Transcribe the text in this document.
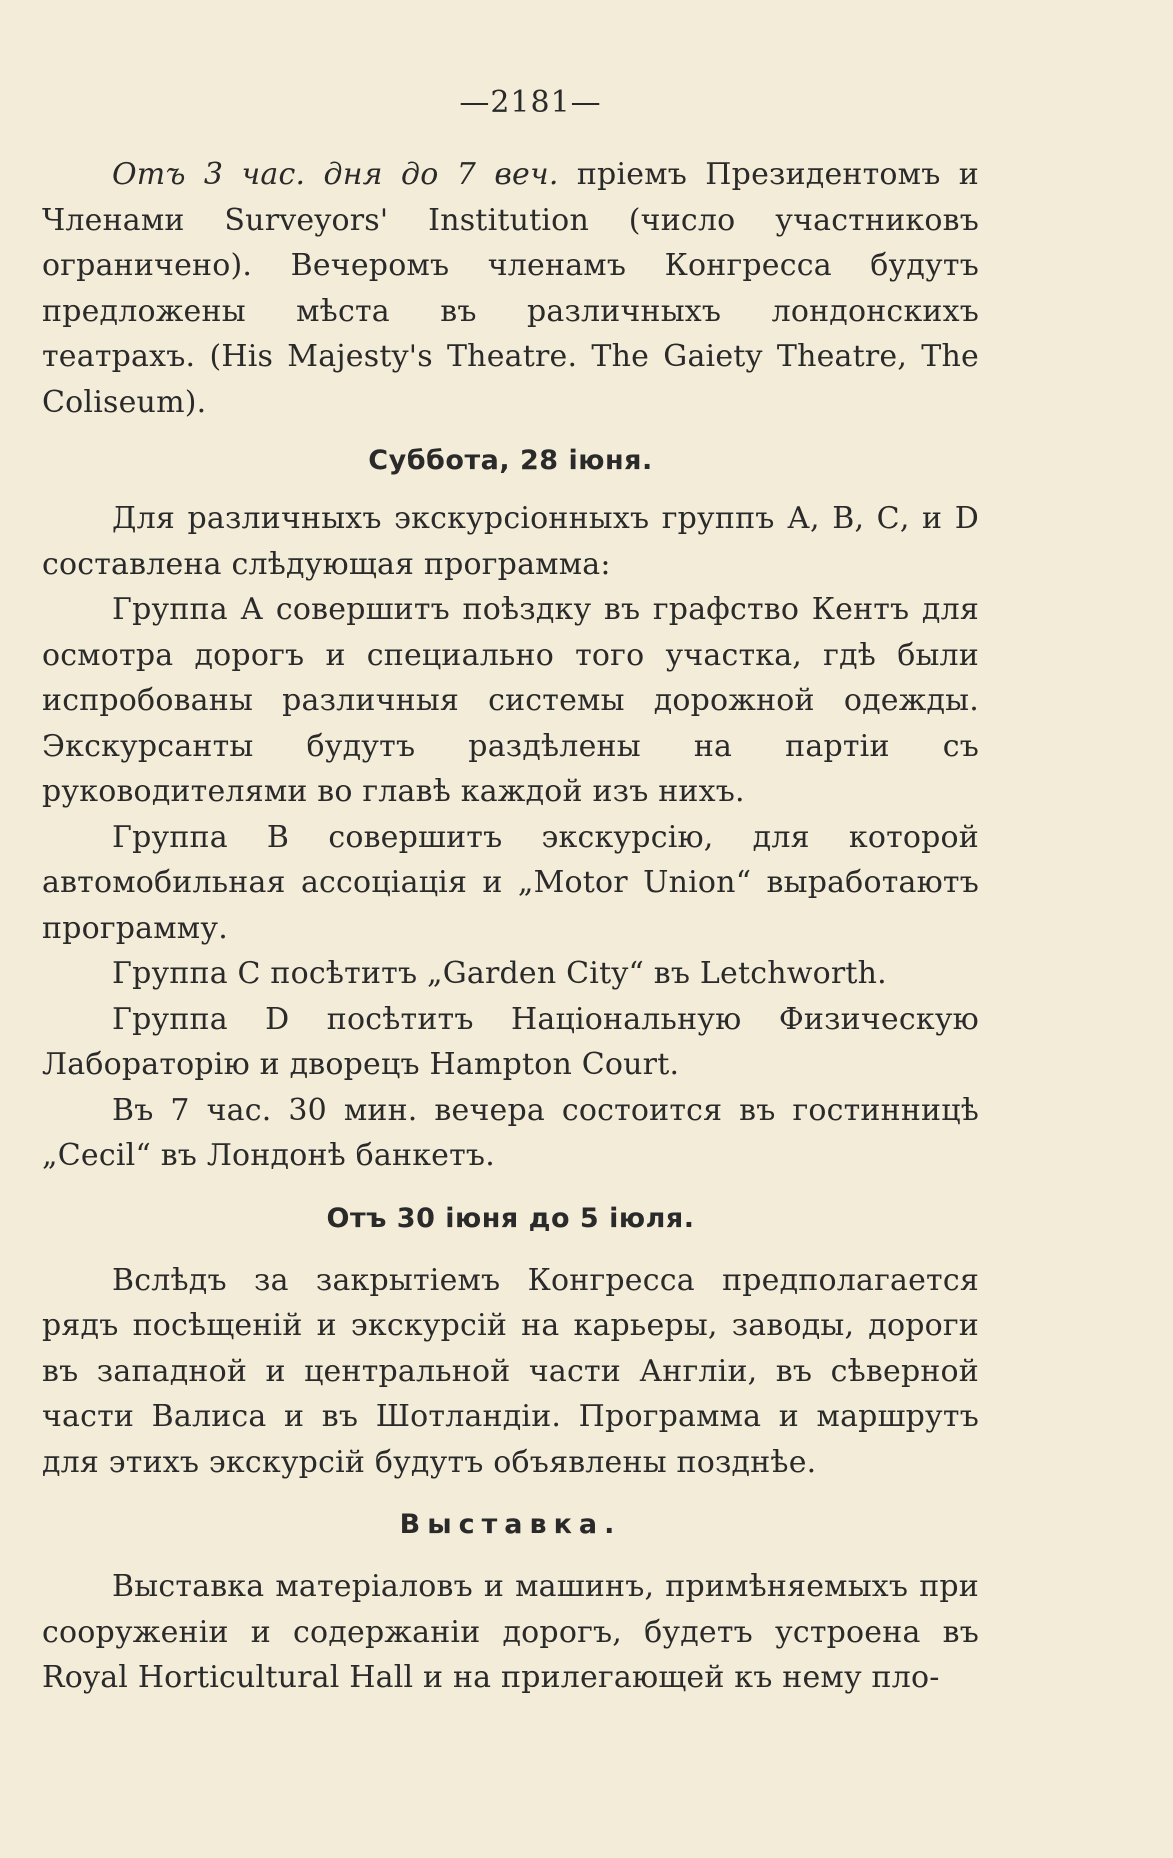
—2181—

Отъ 3 час. дня до 7 веч. пріемъ Президентомъ и Членами Surveyors' Institution (число участниковъ ограничено). Вечеромъ членамъ Конгресса будутъ предложены мѣста въ различныхъ лондонскихъ театрахъ. (His Majesty's Theatre. The Gaiety Theatre, The Coliseum).

Суббота, 28 іюня.

Для различныхъ экскурсіонныхъ группъ А, В, С, и D составлена слѣдующая программа:

Группа А совершитъ поѣздку въ графство Кентъ для осмотра дорогъ и специально того участка, гдѣ были испробованы различныя системы дорожной одежды. Экскурсанты будутъ раздѣлены на партіи съ руководителями во главѣ каждой изъ нихъ.

Группа В совершитъ экскурсію, для которой автомобильная ассоціація и „Motor Union“ выработаютъ программу.

Группа С посѣтитъ „Garden City“ въ Letchworth.

Группа D посѣтитъ Національную Физическую Лабораторію и дворецъ Hampton Court.

Въ 7 час. 30 мин. вечера состоится въ гостинницѣ „Cecil“ въ Лондонѣ банкетъ.

Отъ 30 іюня до 5 іюля.

Вслѣдъ за закрытіемъ Конгресса предполагается рядъ посѣщеній и экскурсій на карьеры, заводы, дороги въ западной и центральной части Англіи, въ сѣверной части Валиса и въ Шотландіи. Программа и маршрутъ для этихъ экскурсій будутъ объявлены позднѣе.

Выставка.

Выставка матеріаловъ и машинъ, примѣняемыхъ при сооруженіи и содержаніи дорогъ, будетъ устроена въ Royal Horticultural Hall и на прилегающей къ нему пло-
